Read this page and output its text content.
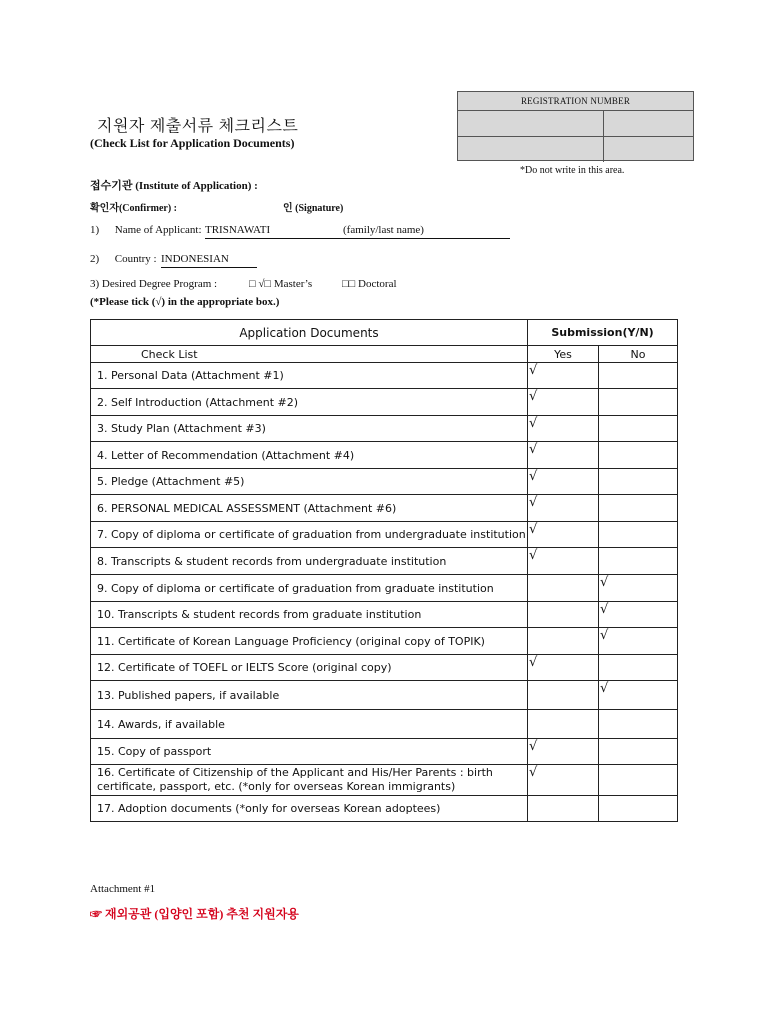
REGISTRATION NUMBER
*Do not write in this area.
지원자 제출서류 체크리스트
(Check List for Application Documents)
접수기관 (Institute of Application) :
확인자(Confirmer) :	인 (Signature)
1) Name of Applicant: TRISNAWATI	(family/last name)
2) Country : INDONESIAN
3) Desired Degree Program :	□ √□ Master’s	□□ Doctoral
(*Please tick (√) in the appropriate box.)
Application Documents	Submission(Y/N)	
Check List	Yes	No
1. Personal Data (Attachment #1)	√	
2. Self Introduction (Attachment #2)	√	
3. Study Plan (Attachment #3)	√	
4. Letter of Recommendation (Attachment #4)	√	
5. Pledge (Attachment #5)	√	
6. PERSONAL MEDICAL ASSESSMENT (Attachment #6)	√	
7. Copy of diploma or certificate of graduation from undergraduate institution	√	
8. Transcripts & student records from undergraduate institution	√	
9. Copy of diploma or certificate of graduation from graduate institution		√
10. Transcripts & student records from graduate institution		√
11. Certificate of Korean Language Proficiency (original copy of TOPIK)		√
12. Certificate of TOEFL or IELTS Score (original copy)	√	
13. Published papers, if available		√
14. Awards, if available		
15. Copy of passport	√	
16. Certificate of Citizenship of the Applicant and His/Her Parents : birth certificate, passport, etc. (*only for overseas Korean immigrants)	√	
17. Adoption documents (*only for overseas Korean adoptees)		
Attachment #1
☞ 재외공관 (입양인 포함) 추천 지원자용
